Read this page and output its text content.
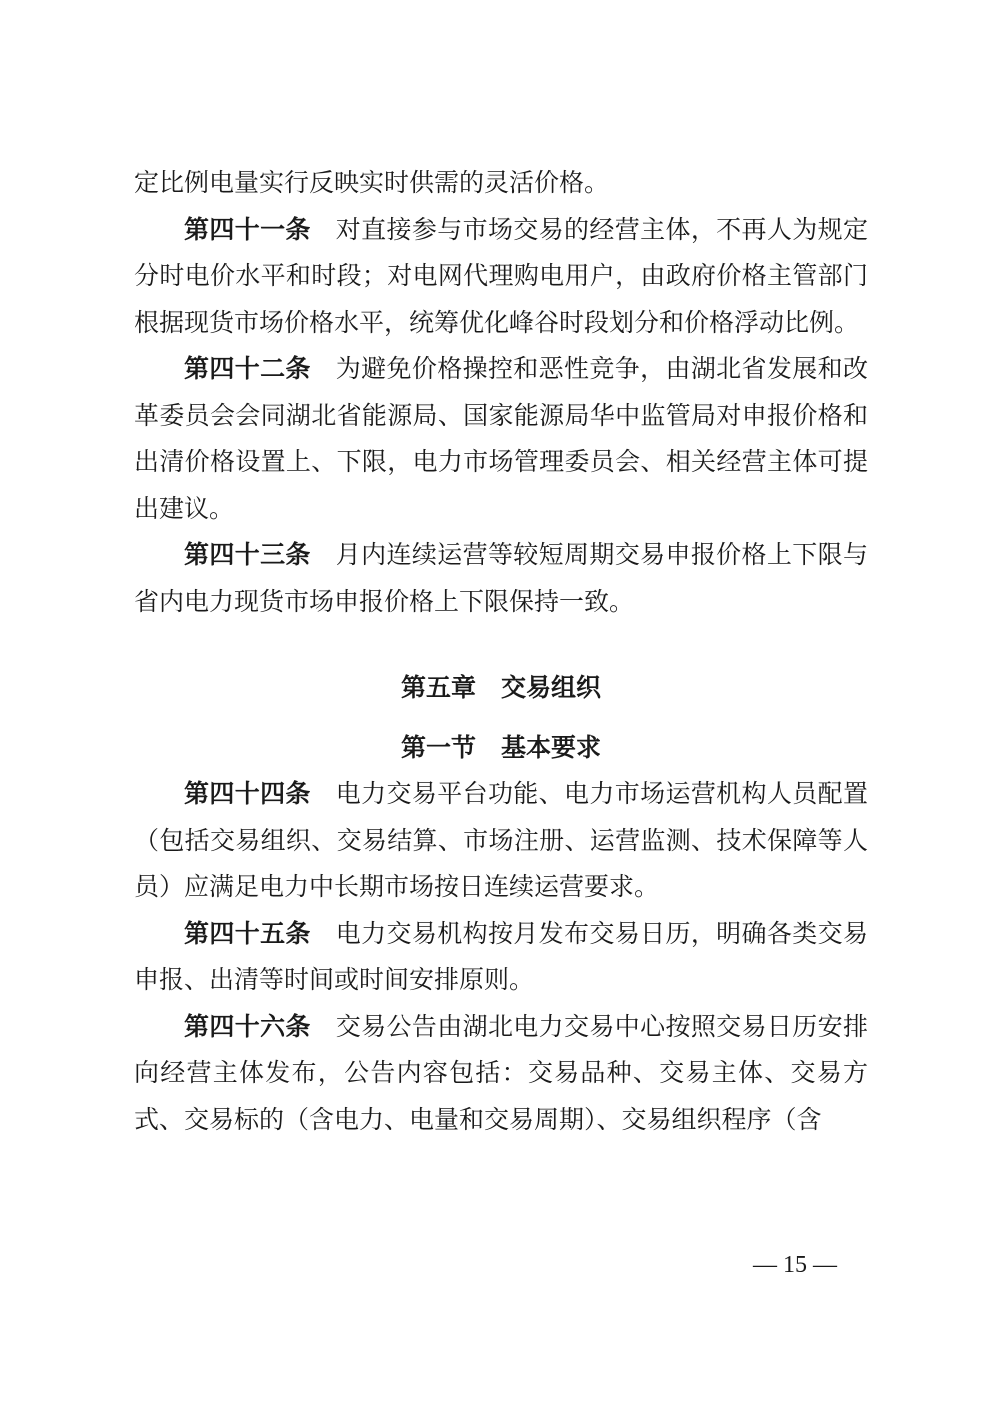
定比例电量实行反映实时供需的灵活价格。

第四十一条 对直接参与市场交易的经营主体，不再人为规定分时电价水平和时段；对电网代理购电用户，由政府价格主管部门根据现货市场价格水平，统筹优化峰谷时段划分和价格浮动比例。

第四十二条 为避免价格操控和恶性竞争，由湖北省发展和改革委员会会同湖北省能源局、国家能源局华中监管局对申报价格和出清价格设置上、下限，电力市场管理委员会、相关经营主体可提出建议。

第四十三条 月内连续运营等较短周期交易申报价格上下限与省内电力现货市场申报价格上下限保持一致。

第五章　交易组织
第一节　基本要求

第四十四条 电力交易平台功能、电力市场运营机构人员配置（包括交易组织、交易结算、市场注册、运营监测、技术保障等人员）应满足电力中长期市场按日连续运营要求。

第四十五条 电力交易机构按月发布交易日历，明确各类交易申报、出清等时间或时间安排原则。

第四十六条 交易公告由湖北电力交易中心按照交易日历安排向经营主体发布，公告内容包括：交易品种、交易主体、交易方式、交易标的（含电力、电量和交易周期）、交易组织程序（含

— 15 —
